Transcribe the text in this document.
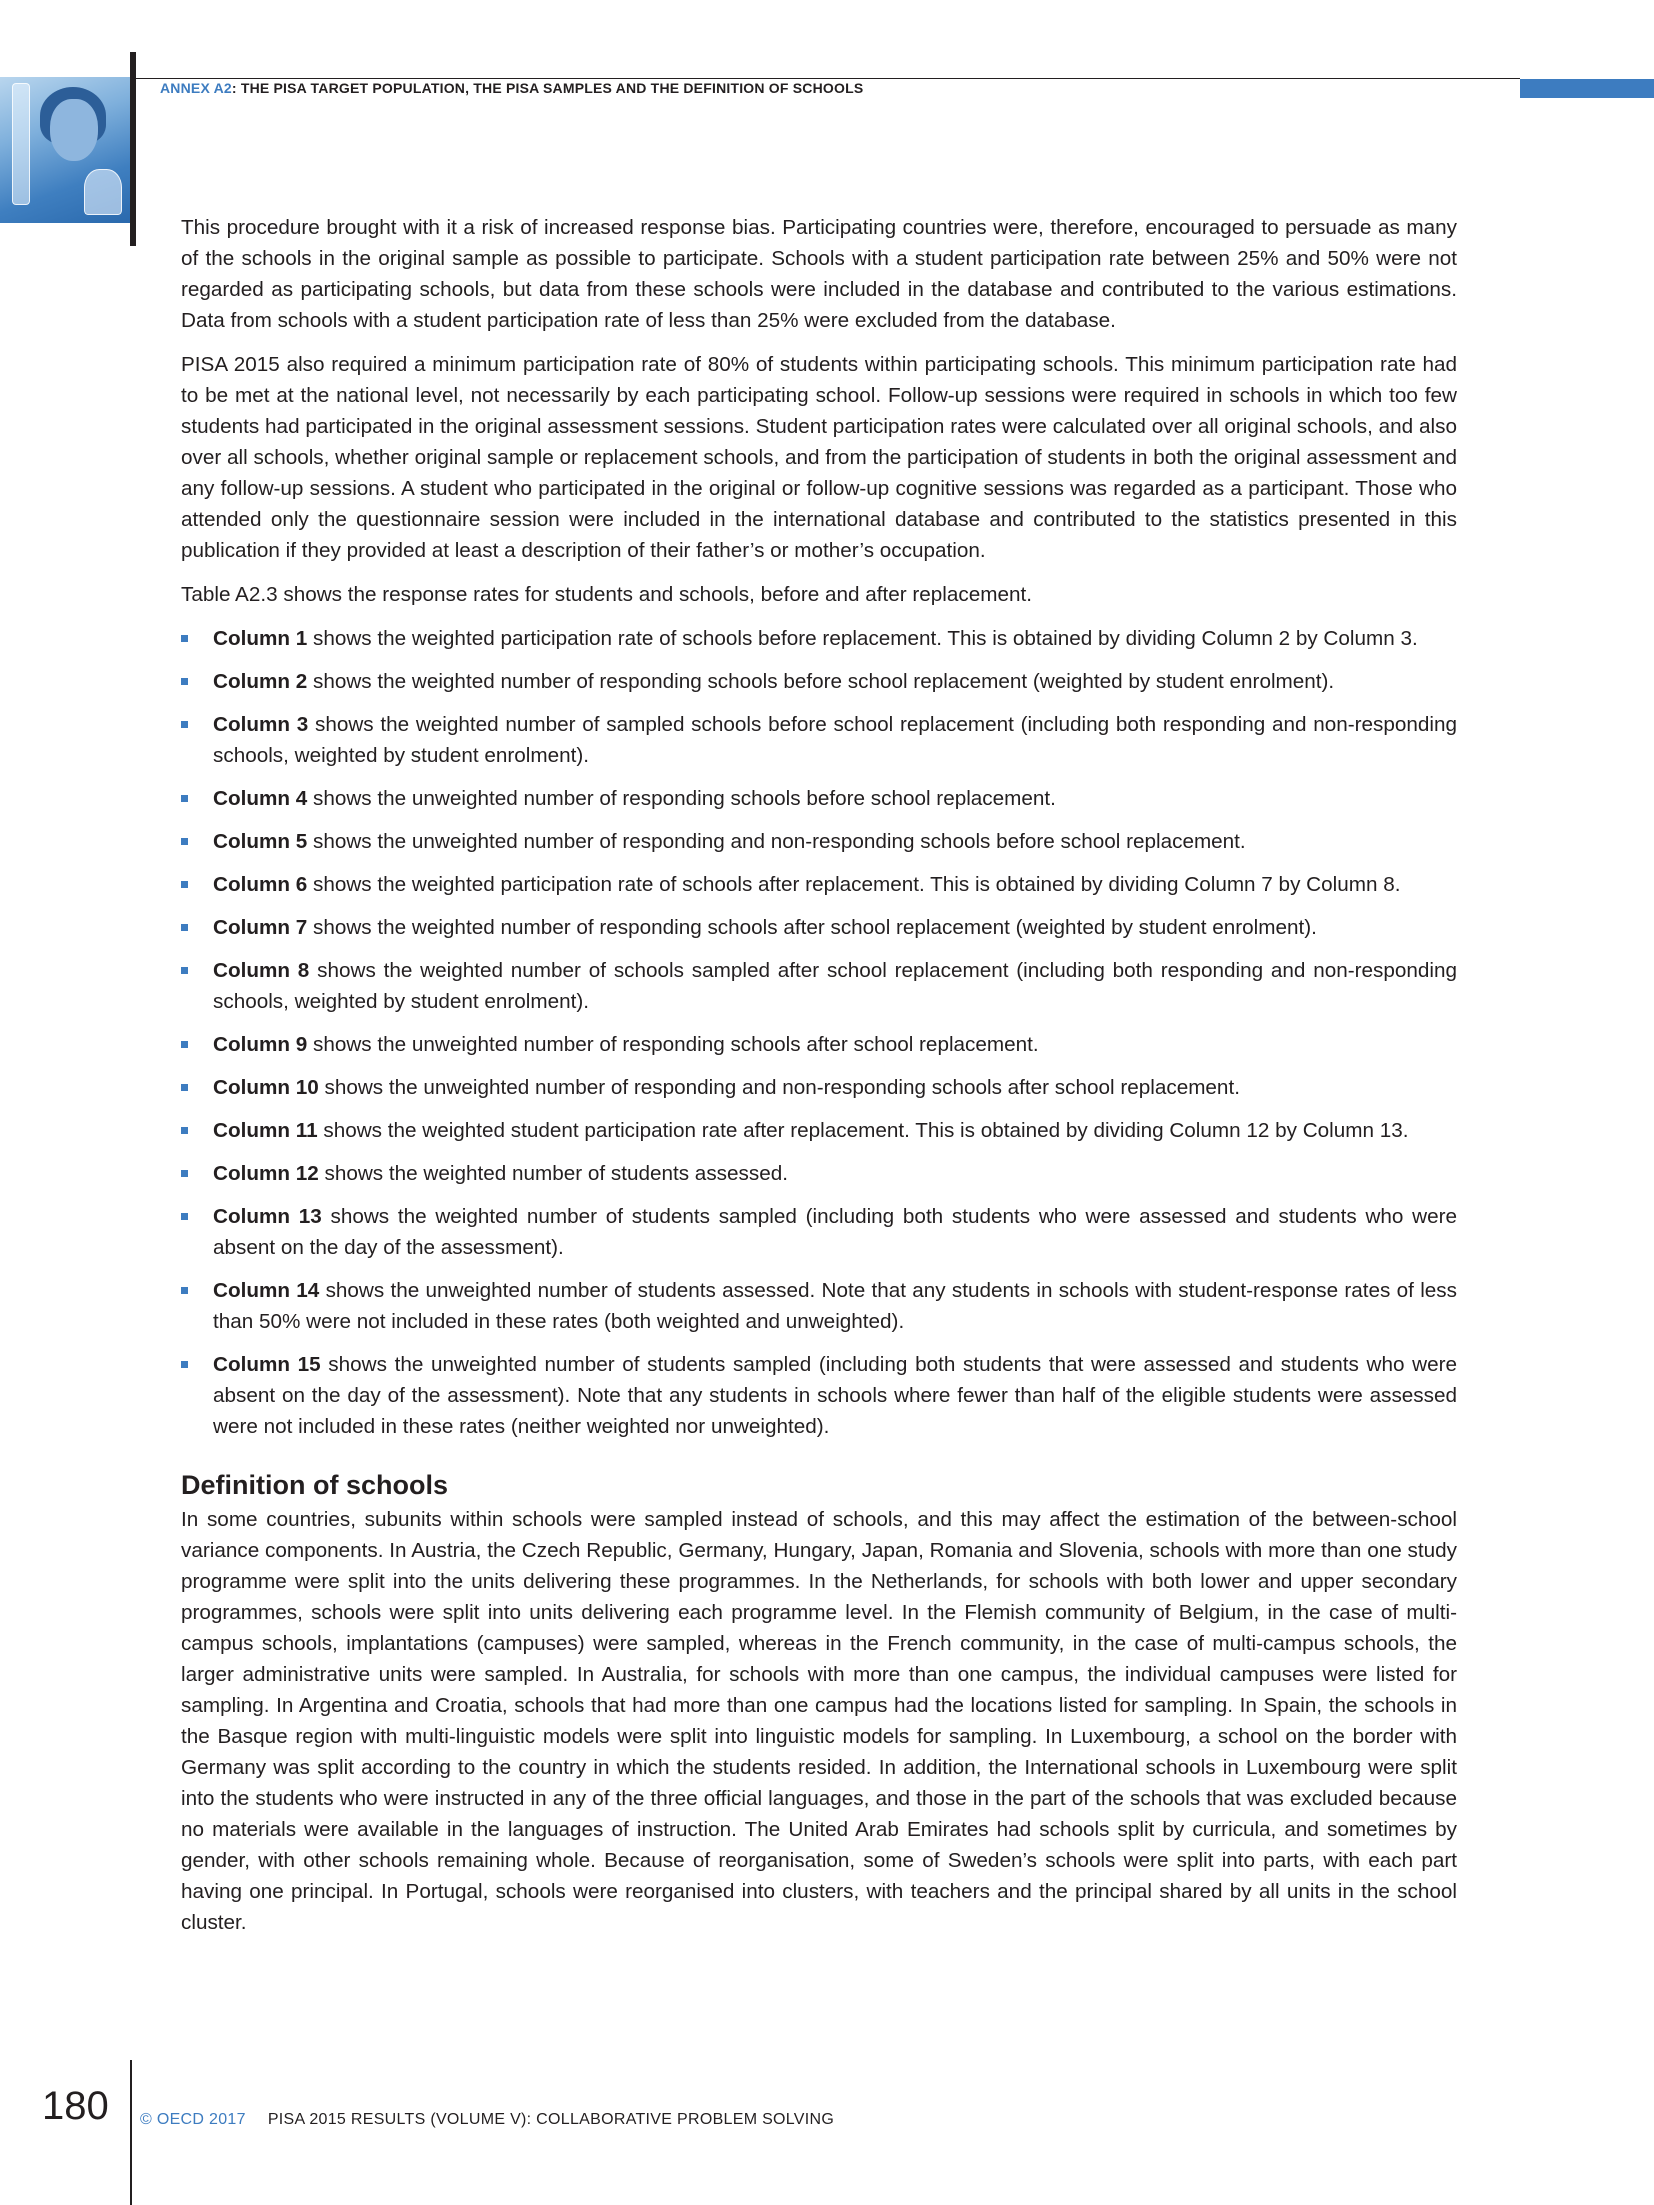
ANNEX A2: THE PISA TARGET POPULATION, THE PISA SAMPLES AND THE DEFINITION OF SCHOOLS

This procedure brought with it a risk of increased response bias. Participating countries were, therefore, encouraged to persuade as many of the schools in the original sample as possible to participate. Schools with a student participation rate between 25% and 50% were not regarded as participating schools, but data from these schools were included in the database and contributed to the various estimations. Data from schools with a student participation rate of less than 25% were excluded from the database.

PISA 2015 also required a minimum participation rate of 80% of students within participating schools. This minimum participation rate had to be met at the national level, not necessarily by each participating school. Follow-up sessions were required in schools in which too few students had participated in the original assessment sessions. Student participation rates were calculated over all original schools, and also over all schools, whether original sample or replacement schools, and from the participation of students in both the original assessment and any follow-up sessions. A student who participated in the original or follow-up cognitive sessions was regarded as a participant. Those who attended only the questionnaire session were included in the international database and contributed to the statistics presented in this publication if they provided at least a description of their father’s or mother’s occupation.

Table A2.3 shows the response rates for students and schools, before and after replacement.

Column 1 shows the weighted participation rate of schools before replacement. This is obtained by dividing Column 2 by Column 3.
Column 2 shows the weighted number of responding schools before school replacement (weighted by student enrolment).
Column 3 shows the weighted number of sampled schools before school replacement (including both responding and non-responding schools, weighted by student enrolment).
Column 4 shows the unweighted number of responding schools before school replacement.
Column 5 shows the unweighted number of responding and non-responding schools before school replacement.
Column 6 shows the weighted participation rate of schools after replacement. This is obtained by dividing Column 7 by Column 8.
Column 7 shows the weighted number of responding schools after school replacement (weighted by student enrolment).
Column 8 shows the weighted number of schools sampled after school replacement (including both responding and non-responding schools, weighted by student enrolment).
Column 9 shows the unweighted number of responding schools after school replacement.
Column 10 shows the unweighted number of responding and non-responding schools after school replacement.
Column 11 shows the weighted student participation rate after replacement. This is obtained by dividing Column 12 by Column 13.
Column 12 shows the weighted number of students assessed.
Column 13 shows the weighted number of students sampled (including both students who were assessed and students who were absent on the day of the assessment).
Column 14 shows the unweighted number of students assessed. Note that any students in schools with student-response rates of less than 50% were not included in these rates (both weighted and unweighted).
Column 15 shows the unweighted number of students sampled (including both students that were assessed and students who were absent on the day of the assessment). Note that any students in schools where fewer than half of the eligible students were assessed were not included in these rates (neither weighted nor unweighted).
Definition of schools

In some countries, subunits within schools were sampled instead of schools, and this may affect the estimation of the between-school variance components. In Austria, the Czech Republic, Germany, Hungary, Japan, Romania and Slovenia, schools with more than one study programme were split into the units delivering these programmes. In the Netherlands, for schools with both lower and upper secondary programmes, schools were split into units delivering each programme level. In the Flemish community of Belgium, in the case of multi-campus schools, implantations (campuses) were sampled, whereas in the French community, in the case of multi-campus schools, the larger administrative units were sampled. In Australia, for schools with more than one campus, the individual campuses were listed for sampling. In Argentina and Croatia, schools that had more than one campus had the locations listed for sampling. In Spain, the schools in the Basque region with multi-linguistic models were split into linguistic models for sampling. In Luxembourg, a school on the border with Germany was split according to the country in which the students resided. In addition, the International schools in Luxembourg were split into the students who were instructed in any of the three official languages, and those in the part of the schools that was excluded because no materials were available in the languages of instruction. The United Arab Emirates had schools split by curricula, and sometimes by gender, with other schools remaining whole. Because of reorganisation, some of Sweden’s schools were split into parts, with each part having one principal. In Portugal, schools were reorganised into clusters, with teachers and the principal shared by all units in the school cluster.

180 © OECD 2017 PISA 2015 RESULTS (VOLUME V): COLLABORATIVE PROBLEM SOLVING
